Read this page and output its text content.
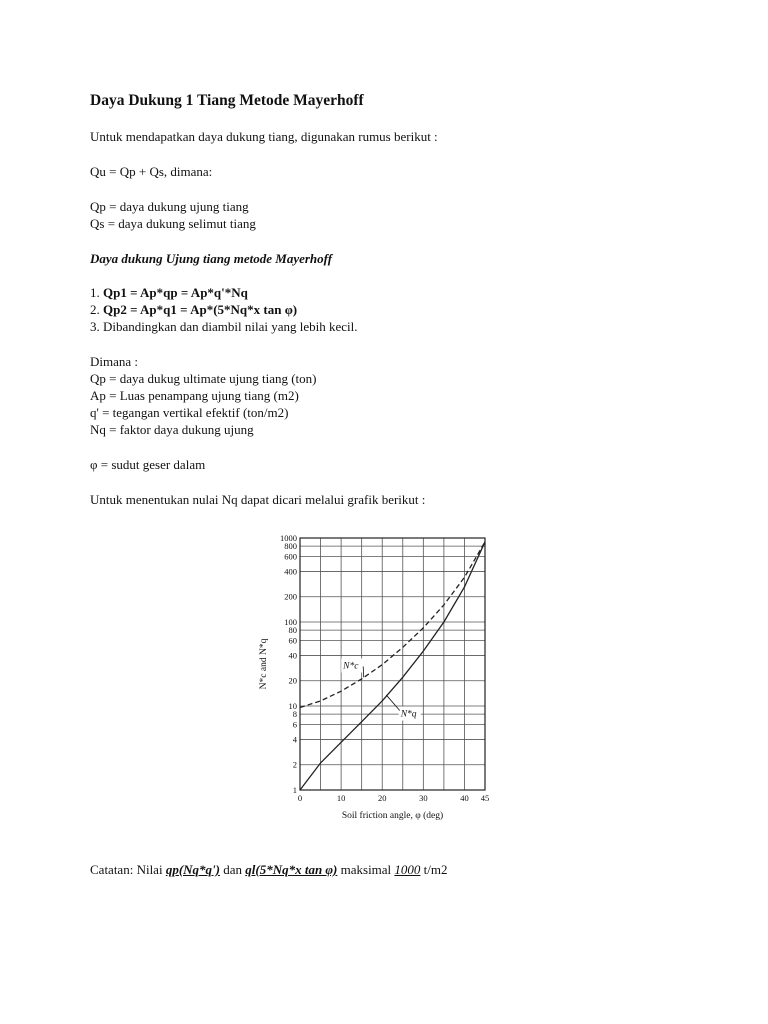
Daya Dukung 1 Tiang Metode Mayerhoff
Untuk mendapatkan daya dukung tiang, digunakan rumus berikut :
Qu = Qp + Qs, dimana:
Qp = daya dukung ujung tiang
Qs = daya dukung selimut tiang
Daya dukung Ujung tiang metode Mayerhoff
1. Qp1 = Ap*qp = Ap*q'*Nq
2. Qp2 = Ap*q1 = Ap*(5*Nq*x tan φ)
3. Dibandingkan dan diambil nilai yang lebih kecil.
Dimana :
Qp = daya dukug ultimate ujung tiang (ton)
Ap = Luas penampang ujung tiang (m2)
q' = tegangan vertikal efektif (ton/m2)
Nq = faktor daya dukung ujung
φ = sudut geser dalam
Untuk menentukan nulai Nq dapat dicari melalui grafik berikut :
Catatan: Nilai qp(Nq*q') dan ql(5*Nq*x tan φ) maksimal 1000 t/m2
1
2
4
6
8
10
20
40
60
80
100
200
400
600
800
1000
0	10	20	30	40 45
Soil friction angle, φ (deg)
N*c and N*q	N*c
N*q
